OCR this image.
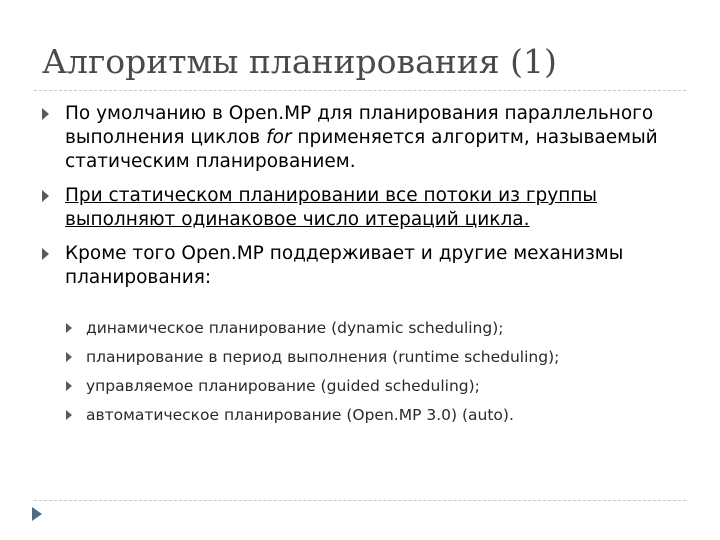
Алгоритмы планирования (1)
По умолчанию в Open.MP для планирования параллельного выполнения циклов for применяется алгоритм, называемый статическим планированием.
При статическом планировании все потоки из группы выполняют одинаковое число итераций цикла.
Кроме того Open.MP поддерживает и другие механизмы планирования:
динамическое планирование (dynamic scheduling);
планирование в период выполнения (runtime scheduling);
управляемое планирование (guided scheduling);
автоматическое планирование (Open.MP 3.0) (auto).
